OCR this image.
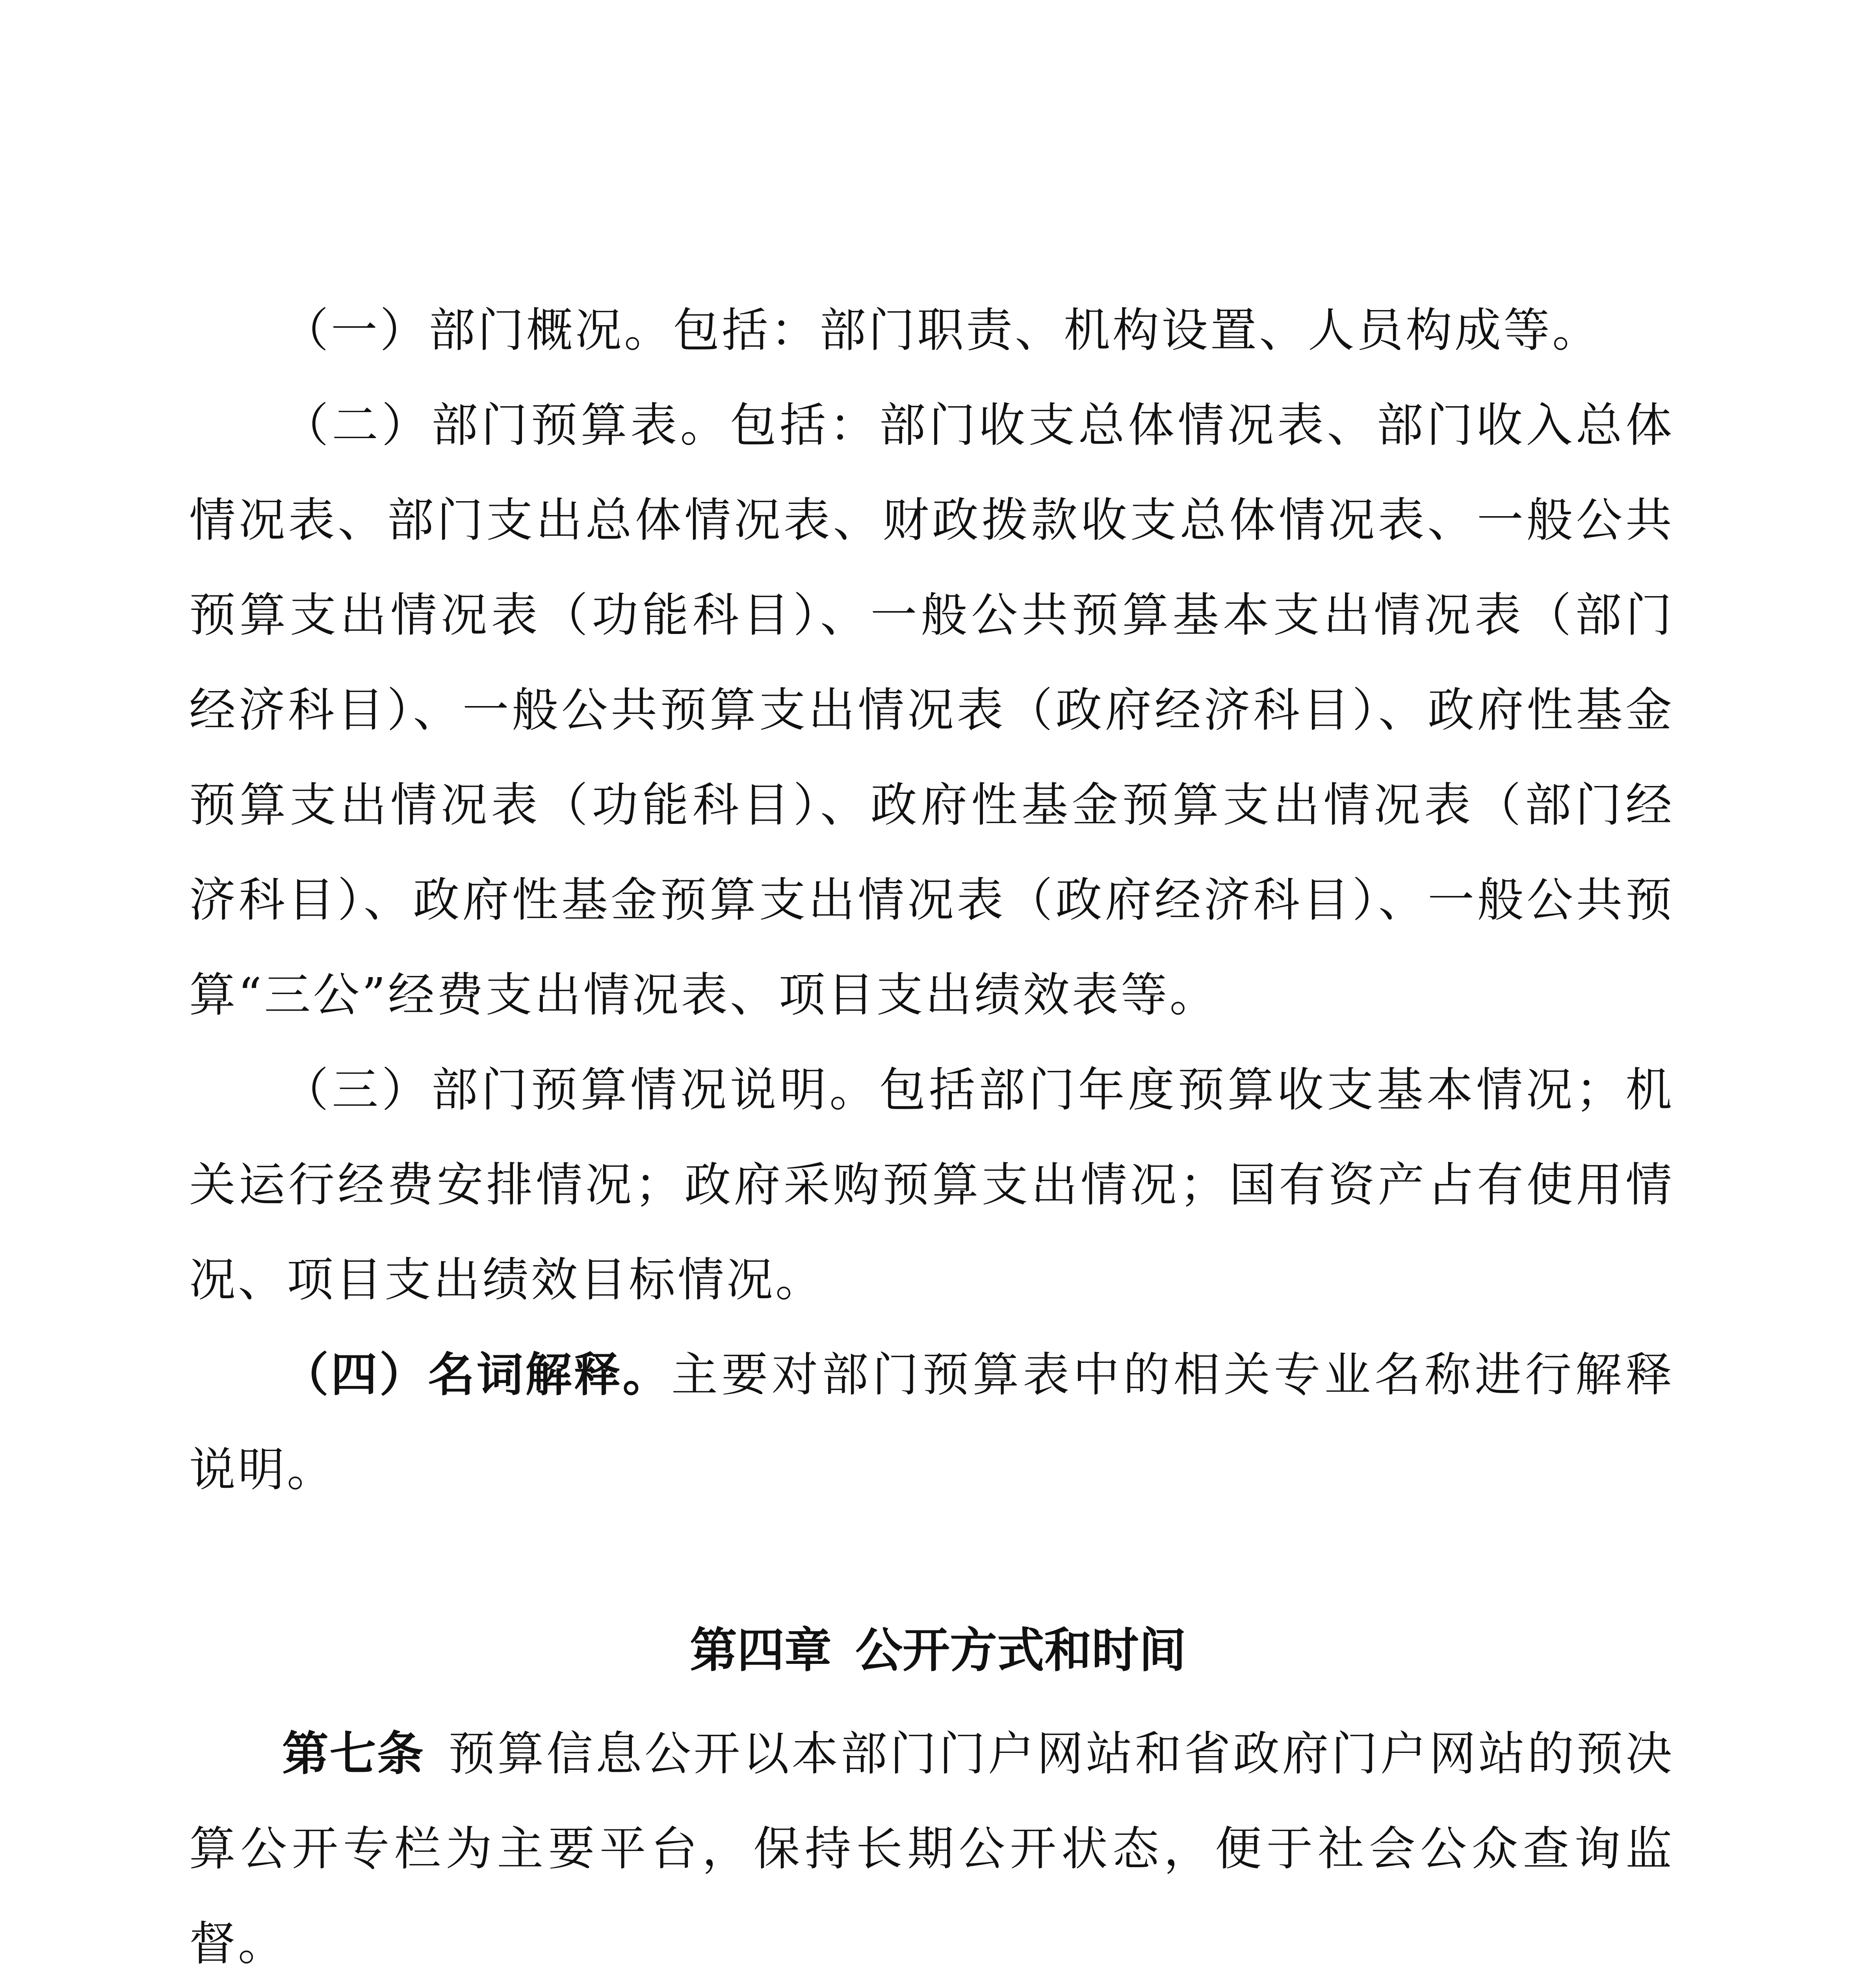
（一）部门概况。包括：部门职责、机构设置、人员构成等。

（二）部门预算表。包括：部门收支总体情况表、部门收入总体情况表、部门支出总体情况表、财政拨款收支总体情况表、一般公共预算支出情况表（功能科目）、一般公共预算基本支出情况表（部门经济科目）、一般公共预算支出情况表（政府经济科目）、政府性基金预算支出情况表（功能科目）、政府性基金预算支出情况表（部门经济科目）、政府性基金预算支出情况表（政府经济科目）、一般公共预算“三公”经费支出情况表、项目支出绩效表等。

（三）部门预算情况说明。包括部门年度预算收支基本情况；机关运行经费安排情况；政府采购预算支出情况；国有资产占有使用情况、项目支出绩效目标情况。

（四）名词解释。主要对部门预算表中的相关专业名称进行解释说明。

第四章 公开方式和时间

第七条 预算信息公开以本部门门户网站和省政府门户网站的预决算公开专栏为主要平台，保持长期公开状态，便于社会公众查询监督。
